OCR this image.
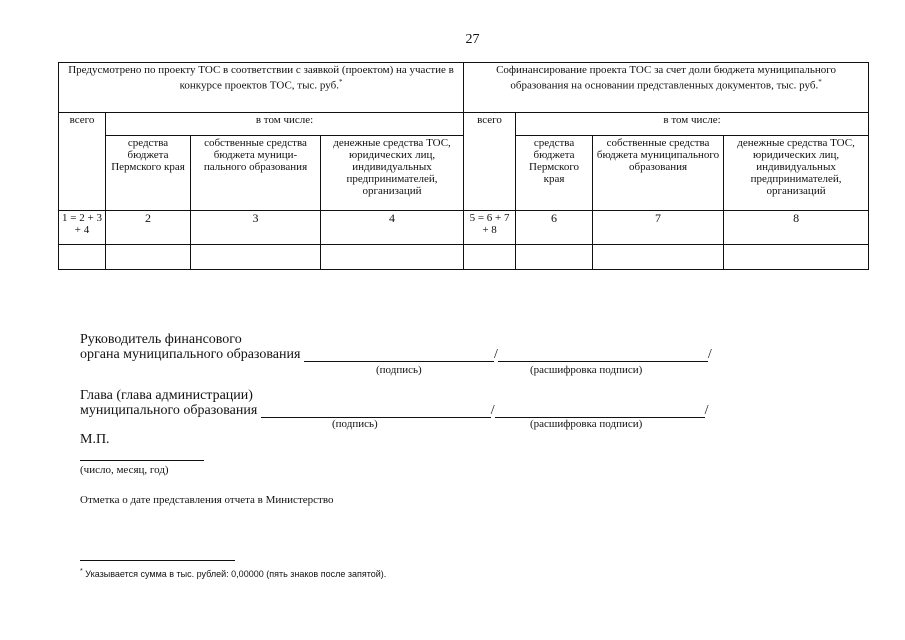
27
Предусмотрено по проекту ТОС в соответствии с заявкой (проектом) на участие в конкурсе проектов ТОС, тыс. руб.*				Софинансирование проекта ТОС за счет доли бюджета муниципального образования на основании представленных документов, тыс. руб.*
всего	в том числе:			всего	в том числе:		
	средства бюджета Пермского края	собственные средства бюджета муници-пального образования	денежные средства ТОС, юридических лиц, индивидуальных предпринимателей, организаций		средства бюджета Пермского края	собственные средства бюджета муниципального образования	денежные средства ТОС, юридических лиц, индивидуальных предпринимателей, организаций
1 = 2 + 3 + 4	2	3	4	5 = 6 + 7 + 8	6	7	8

Руководитель финансового
органа муниципального образования	/	/
(подпись)	(расшифровка подписи)
Глава (глава администрации)
муниципального образования	/	/
(подпись)	(расшифровка подписи)
М.П.
(число, месяц, год)
Отметка о дате представления отчета в Министерство
* Указывается сумма в тыс. рублей: 0,00000 (пять знаков после запятой).
